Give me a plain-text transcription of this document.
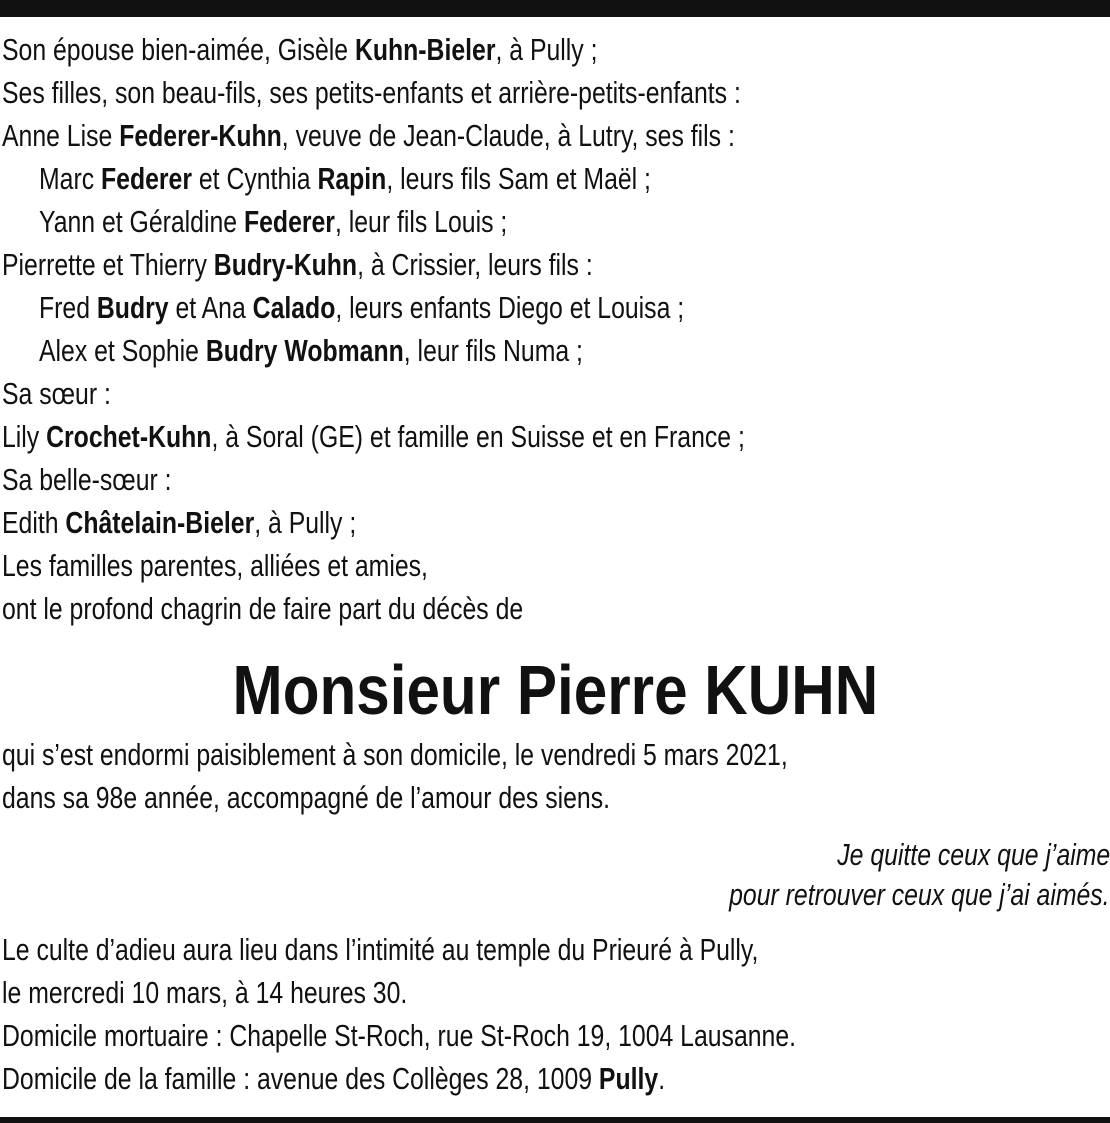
Son épouse bien-aimée, Gisèle Kuhn-Bieler, à Pully ;
Ses filles, son beau-fils, ses petits-enfants et arrière-petits-enfants :
Anne Lise Federer-Kuhn, veuve de Jean-Claude, à Lutry, ses fils :
Marc Federer et Cynthia Rapin, leurs fils Sam et Maël ;
Yann et Géraldine Federer, leur fils Louis ;
Pierrette et Thierry Budry-Kuhn, à Crissier, leurs fils :
Fred Budry et Ana Calado, leurs enfants Diego et Louisa ;
Alex et Sophie Budry Wobmann, leur fils Numa ;
Sa sœur :
Lily Crochet-Kuhn, à Soral (GE) et famille en Suisse et en France ;
Sa belle-sœur :
Edith Châtelain-Bieler, à Pully ;
Les familles parentes, alliées et amies,
ont le profond chagrin de faire part du décès de
Monsieur Pierre KUHN
qui s’est endormi paisiblement à son domicile, le vendredi 5 mars 2021,
dans sa 98e année, accompagné de l’amour des siens.
Je quitte ceux que j’aime
pour retrouver ceux que j’ai aimés.
Le culte d’adieu aura lieu dans l’intimité au temple du Prieuré à Pully,
le mercredi 10 mars, à 14 heures 30.
Domicile mortuaire : Chapelle St-Roch, rue St-Roch 19, 1004 Lausanne.
Domicile de la famille : avenue des Collèges 28, 1009 Pully.
